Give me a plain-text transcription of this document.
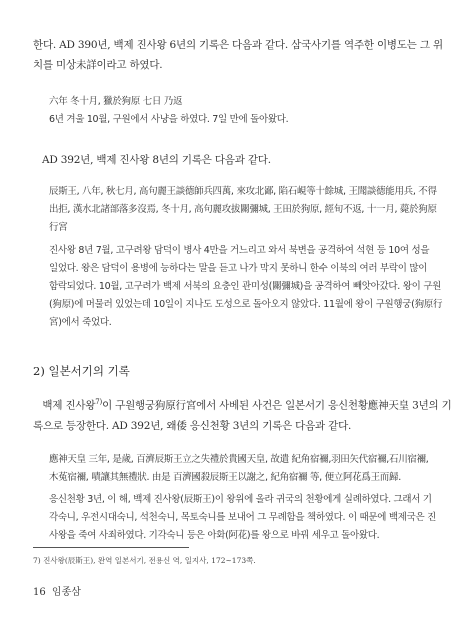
한다. AD 390년, 백제 진사왕 6년의 기록은 다음과 같다. 삼국사기를 역주한 이병도는 그 위
치를 미상未詳이라고 하였다.
六年 冬十月, 獵於狗原 七日 乃返
6년 겨울 10월, 구원에서 사냥을 하였다. 7일 만에 돌아왔다.
AD 392년, 백제 진사왕 8년의 기록은 다음과 같다.
辰斯王, 八年, 秋七月, 高句麗王談德師兵四萬, 來攻北鄙, 陷石峴等十餘城, 王聞談德能用兵, 不得
出拒, 漢水北諸部落多沒焉, 冬十月, 高句麗攻拔關彌城, 王田於狗原, 經旬不返, 十一月, 薨於狗原
行宮
진사왕 8년 7월, 고구려왕 담덕이 병사 4만을 거느리고 와서 북변을 공격하여 석현 등 10여 성을
일었다. 왕은 담덕이 용병에 능하다는 말을 듣고 나가 막지 못하니 한수 이북의 여러 부락이 많이
함락되었다. 10월, 고구려가 백제 서북의 요충인 관미성(關彌城)을 공격하여 빼앗아갔다. 왕이 구원
(狗原)에 머물러 있었는데 10일이 지나도 도성으로 돌아오지 않았다. 11월에 왕이 구원행궁(狗原行
宮)에서 죽었다.
2) 일본서기의 기록
백제 진사왕$^{7)}$이 구원행궁狗原行宮에서 사베된 사건은 일본서기 응신천황應神天皇 3년의 기
록으로 등장한다. AD 392년, 왜倭 응신천황 3년의 기록은 다음과 같다.
應神天皇 三年, 是歲, 百濟辰斯王立之失禮於貴國天皇, 故遣 紀角宿禰,羽田矢代宿禰,石川宿禰,
木菟宿禰, 嘖讓其無禮狀. 由是 百濟國殺辰斯王以謝之, 紀角宿禰 等, 便立阿花爲王而歸.
응신천황 3년, 이 해, 백제 진사왕(辰斯王)이 왕위에 올라 귀국의 천황에게 실례하였다. 그래서 기
각숙니, 우전시대숙니, 석천숙니, 목토숙니를 보내어 그 무례함을 책하였다. 이 때문에 백제국은 진
사왕을 죽여 사죄하였다. 기각숙니 등은 아화(阿花)를 왕으로 바꿔 세우고 돌아왔다.
7) 진사왕(辰斯王), 완역 일본서기, 전용신 역, 일지사, 172~173쪽.
16 임종삼
